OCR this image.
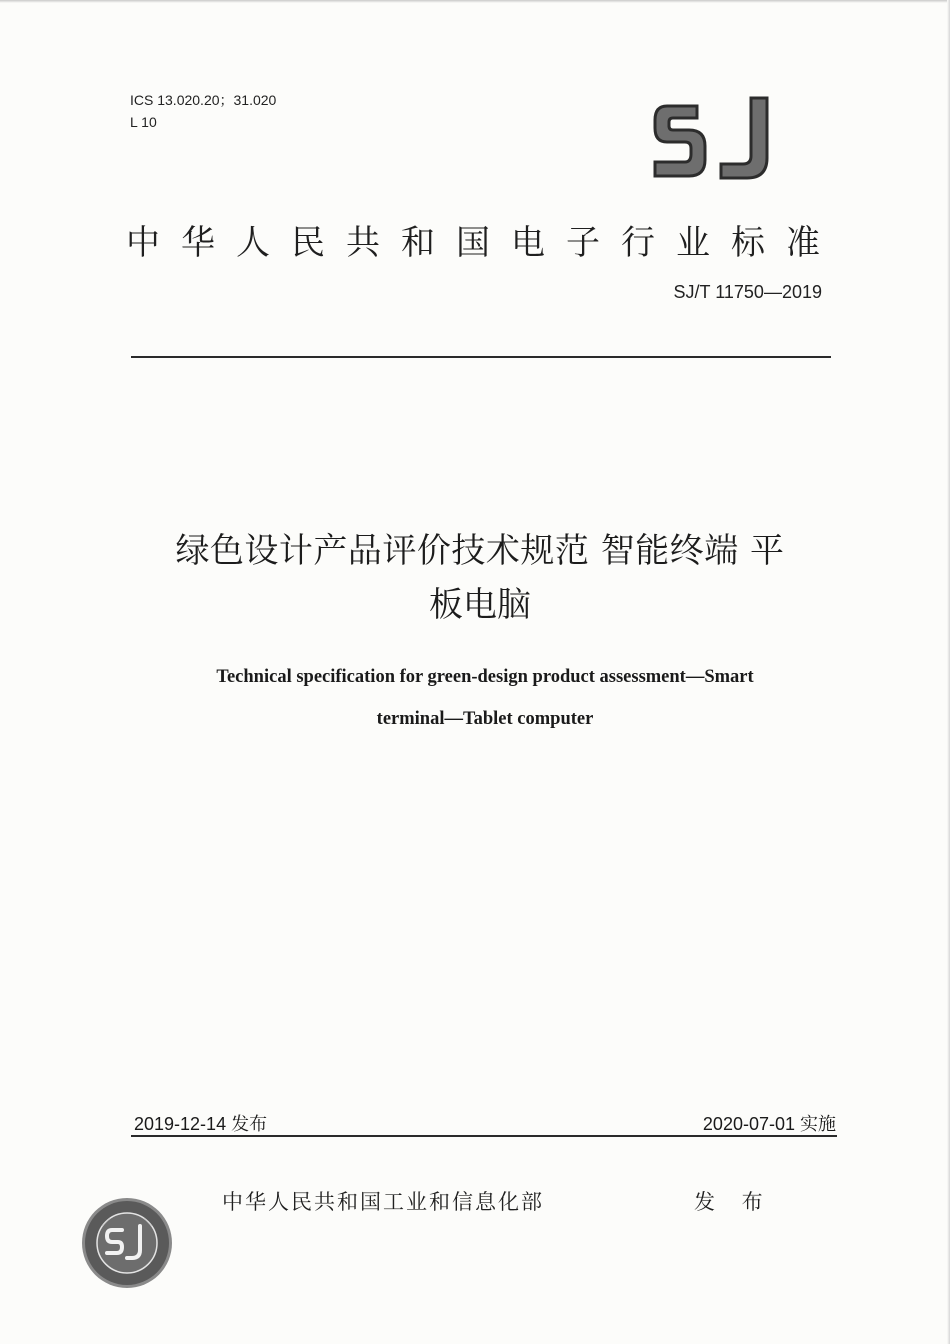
ICS 13.020.20；31.020
L 10
中华人民共和国电子行业标准
SJ/T 11750—2019
绿色设计产品评价技术规范 智能终端 平
板电脑
Technical specification for green-design product assessment—Smart
terminal—Tablet computer
2019-12-14 发布	2020-07-01 实施
中华人民共和国工业和信息化部	发 布
